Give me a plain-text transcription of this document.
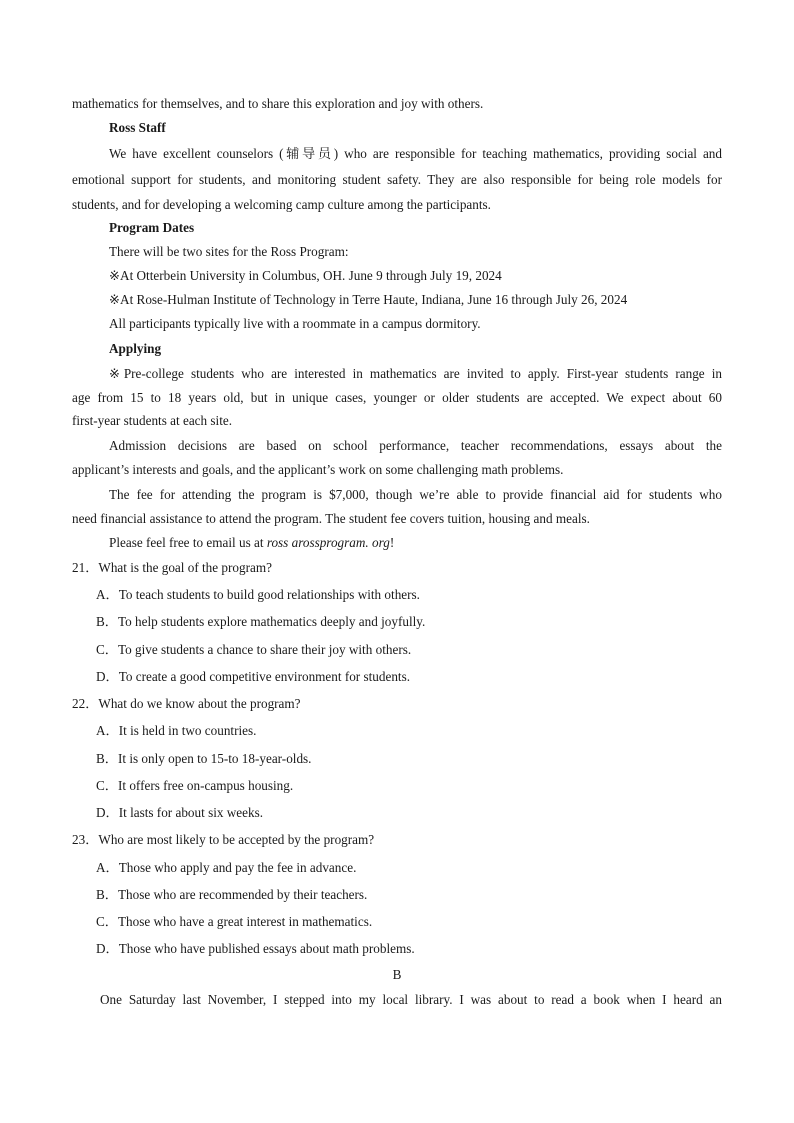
mathematics for themselves, and to share this exploration and joy with others.
Ross Staff
We have excellent counselors (辅导员) who are responsible for teaching mathematics, providing social and
emotional support for students, and monitoring student safety. They are also responsible for being role models for
students, and for developing a welcoming camp culture among the participants.
Program Dates
There will be two sites for the Ross Program:
※At Otterbein University in Columbus, OH. June 9 through July 19, 2024
※At Rose-Hulman Institute of Technology in Terre Haute, Indiana, June 16 through July 26, 2024
All participants typically live with a roommate in a campus dormitory.
Applying
※Pre-college students who are interested in mathematics are invited to apply. First-year students range in
age from 15 to 18 years old, but in unique cases, younger or older students are accepted. We expect about 60
first-year students at each site.
Admission decisions are based on school performance, teacher recommendations, essays about the
applicant’s interests and goals, and the applicant’s work on some challenging math problems.
The fee for attending the program is $7,000, though we’re able to provide financial aid for students who
need financial assistance to attend the program. The student fee covers tuition, housing and meals.
Please feel free to email us at ross arossprogram. org!
21．What is the goal of the program?
A．To teach students to build good relationships with others.
B．To help students explore mathematics deeply and joyfully.
C．To give students a chance to share their joy with others.
D．To create a good competitive environment for students.
22．What do we know about the program?
A．It is held in two countries.
B．It is only open to 15-to 18-year-olds.
C．It offers free on-campus housing.
D．It lasts for about six weeks.
23．Who are most likely to be accepted by the program?
A．Those who apply and pay the fee in advance.
B．Those who are recommended by their teachers.
C．Those who have a great interest in mathematics.
D．Those who have published essays about math problems.
B
One Saturday last November, I stepped into my local library. I was about to read a book when I heard an
